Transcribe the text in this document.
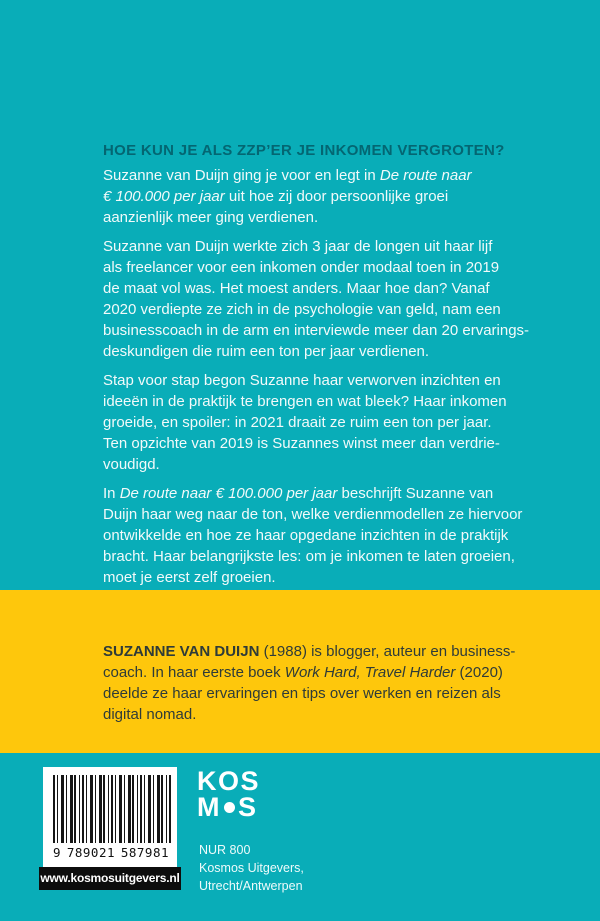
HOE KUN JE ALS ZZP’ER JE INKOMEN VERGROTEN?
Suzanne van Duijn ging je voor en legt in De route naar
€ 100.000 per jaar uit hoe zij door persoonlijke groei
aanzienlijk meer ging verdienen.
Suzanne van Duijn werkte zich 3 jaar de longen uit haar lijf
als freelancer voor een inkomen onder modaal toen in 2019
de maat vol was. Het moest anders. Maar hoe dan? Vanaf
2020 verdiepte ze zich in de psychologie van geld, nam een
businesscoach in de arm en interviewde meer dan 20 ervarings-
deskundigen die ruim een ton per jaar verdienen.
Stap voor stap begon Suzanne haar verworven inzichten en
ideeën in de praktijk te brengen en wat bleek? Haar inkomen
groeide, en spoiler: in 2021 draait ze ruim een ton per jaar.
Ten opzichte van 2019 is Suzannes winst meer dan verdrie-
voudigd.
In De route naar € 100.000 per jaar beschrijft Suzanne van
Duijn haar weg naar de ton, welke verdienmodellen ze hiervoor
ontwikkelde en hoe ze haar opgedane inzichten in de praktijk
bracht. Haar belangrijkste les: om je inkomen te laten groeien,
moet je eerst zelf groeien.
SUZANNE VAN DUIJN (1988) is blogger, auteur en business-
coach. In haar eerste boek Work Hard, Travel Harder (2020)
deelde ze haar ervaringen en tips over werken en reizen als
digital nomad.
9 789021 587981
www.kosmosuitgevers.nl
KOS
M S
NUR 800
Kosmos Uitgevers,
Utrecht/Antwerpen
